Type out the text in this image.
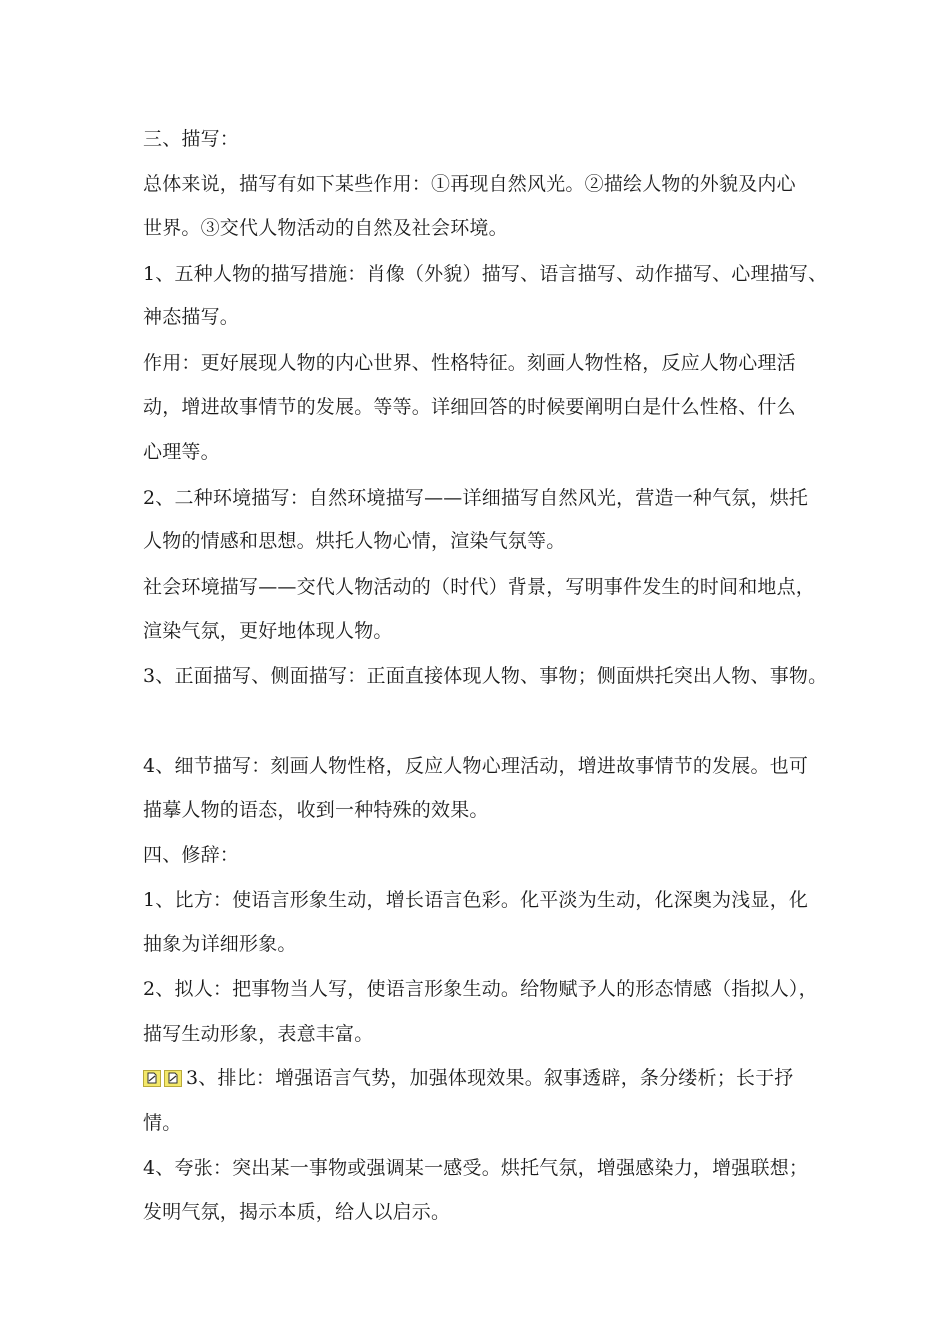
三、描写：
总体来说，描写有如下某些作用：①再现自然风光。②描绘人物的外貌及内心
世界。③交代人物活动的自然及社会环境。
1、五种人物的描写措施：肖像（外貌）描写、语言描写、动作描写、心理描写、
神态描写。
作用：更好展现人物的内心世界、性格特征。刻画人物性格，反应人物心理活
动，增进故事情节的发展。等等。详细回答的时候要阐明白是什么性格、什么
心理等。
2、二种环境描写：自然环境描写——详细描写自然风光，营造一种气氛，烘托
人物的情感和思想。烘托人物心情，渲染气氛等。
社会环境描写——交代人物活动的（时代）背景，写明事件发生的时间和地点，
渲染气氛，更好地体现人物。
3、正面描写、侧面描写：正面直接体现人物、事物；侧面烘托突出人物、事物。
4、细节描写：刻画人物性格，反应人物心理活动，增进故事情节的发展。也可
描摹人物的语态，收到一种特殊的效果。
四、修辞：
1、比方：使语言形象生动，增长语言色彩。化平淡为生动，化深奥为浅显，化
抽象为详细形象。
2、拟人：把事物当人写，使语言形象生动。给物赋予人的形态情感（指拟人），
描写生动形象，表意丰富。
3、排比：增强语言气势，加强体现效果。叙事透辟，条分缕析；长于抒
情。
4、夸张：突出某一事物或强调某一感受。烘托气氛，增强感染力，增强联想；
发明气氛，揭示本质，给人以启示。
